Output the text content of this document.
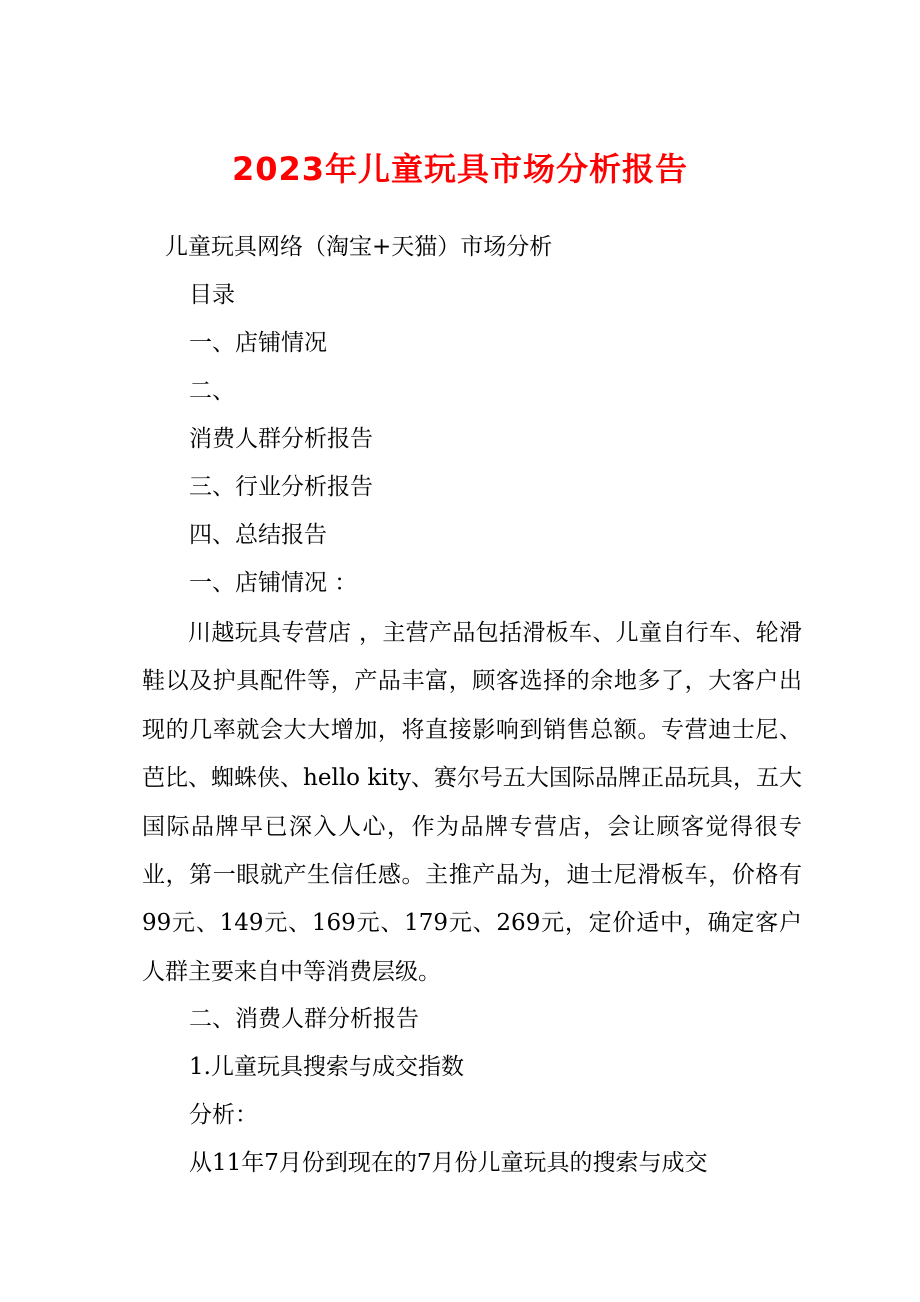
2023年儿童玩具市场分析报告
儿童玩具网络（淘宝+天猫）市场分析
目录
一、店铺情况
二、
消费人群分析报告
三、行业分析报告
四、总结报告
一、店铺情况 ：
川越玩具专营店 ，主营产品包括滑板车、儿童自行车、轮滑鞋以及护具配件等，产品丰富，顾客选择的余地多了，大客户出现的几率就会大大增加，将直接影响到销售总额。专营迪士尼、芭比、蜘蛛侠、hello kity、赛尔号五大国际品牌正品玩具，五大国际品牌早已深入人心，作为品牌专营店，会让顾客觉得很专业，第一眼就产生信任感。主推产品为，迪士尼滑板车，价格有99元、149元、169元、179元、269元，定价适中，确定客户人群主要来自中等消费层级。
二、消费人群分析报告
1.儿童玩具搜索与成交指数
分析：
从11年7月份到现在的7月份儿童玩具的搜索与成交
